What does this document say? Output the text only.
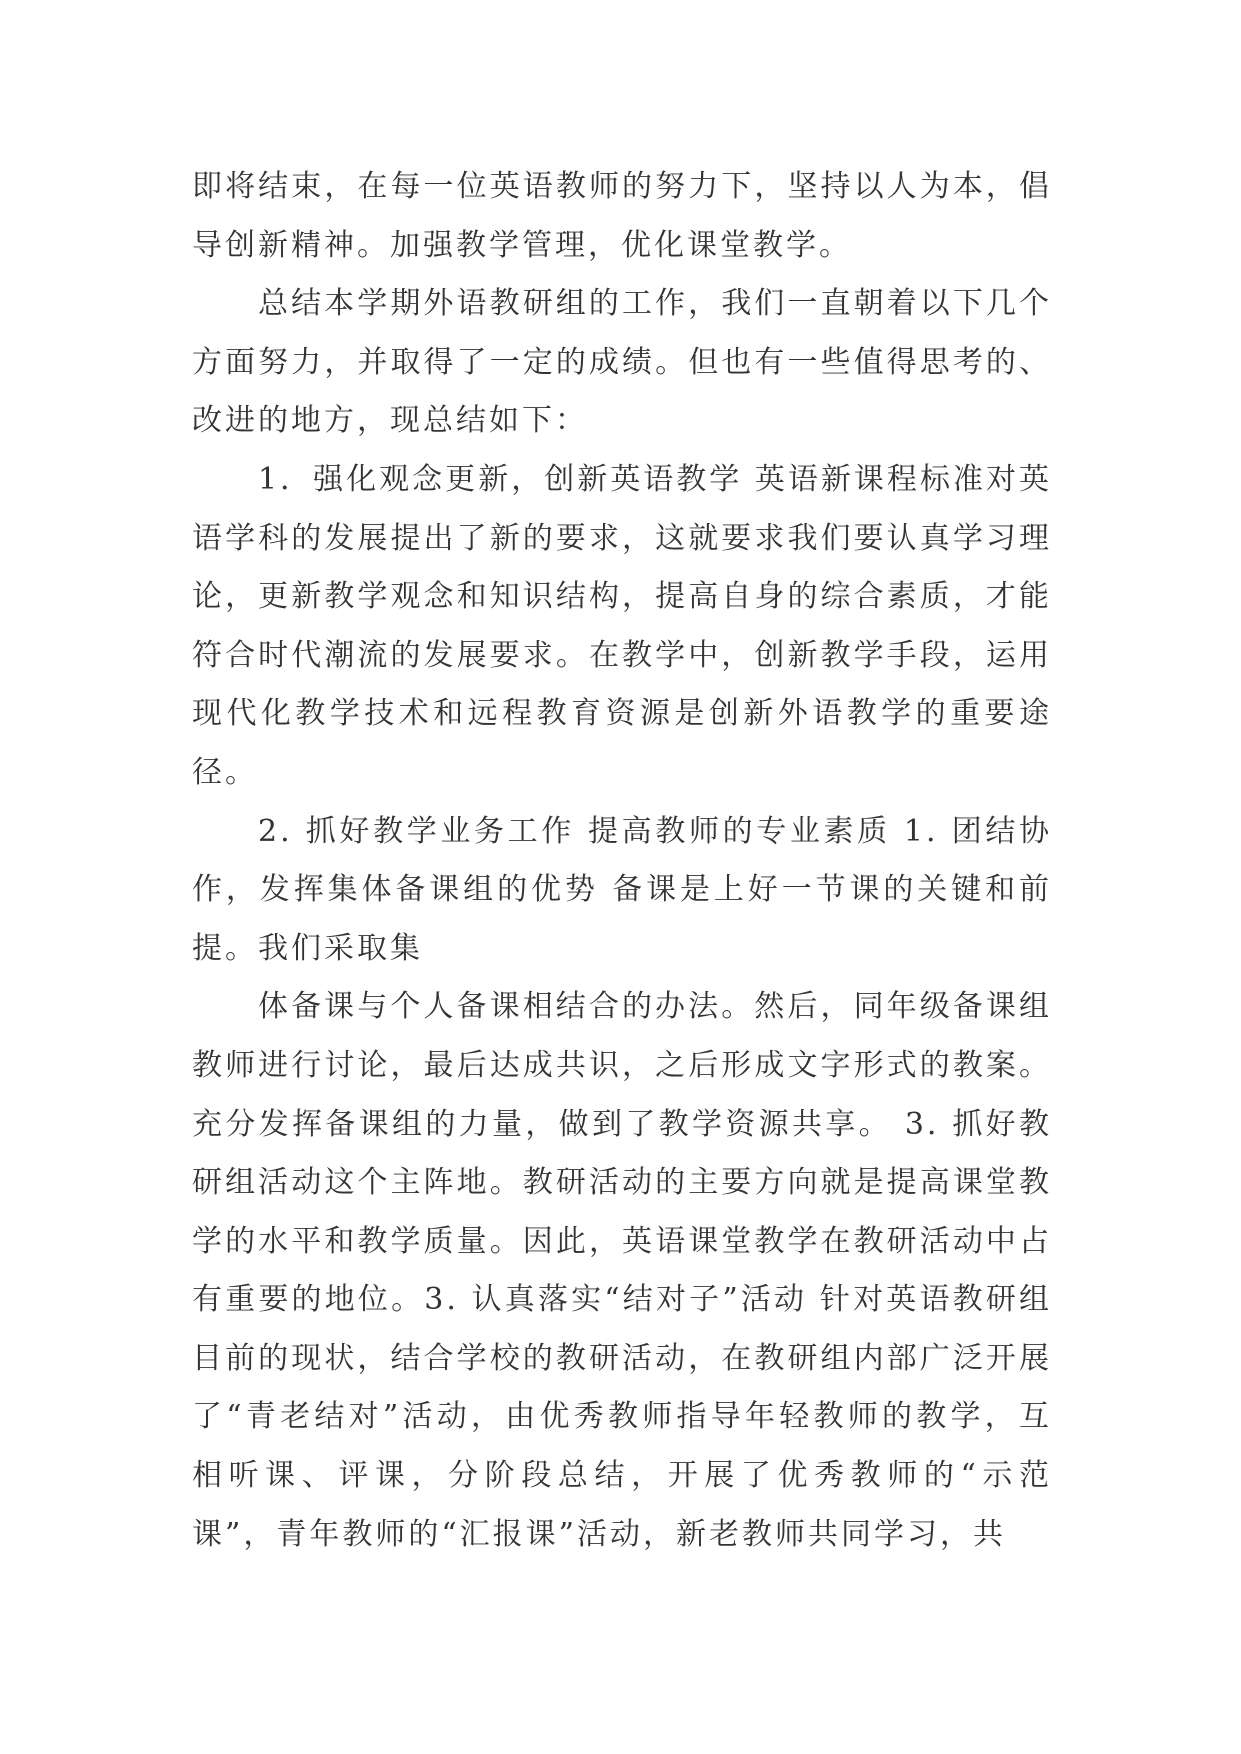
即将结束，在每一位英语教师的努力下，坚持以人为本，倡导创新精神。加强教学管理，优化课堂教学。

总结本学期外语教研组的工作，我们一直朝着以下几个方面努力，并取得了一定的成绩。但也有一些值得思考的、改进的地方，现总结如下：

1．强化观念更新，创新英语教学 英语新课程标准对英语学科的发展提出了新的要求，这就要求我们要认真学习理论，更新教学观念和知识结构，提高自身的综合素质，才能符合时代潮流的发展要求。在教学中，创新教学手段，运用现代化教学技术和远程教育资源是创新外语教学的重要途径。

2. 抓好教学业务工作 提高教师的专业素质 1. 团结协作，发挥集体备课组的优势 备课是上好一节课的关键和前提。我们采取集

体备课与个人备课相结合的办法。然后，同年级备课组教师进行讨论，最后达成共识，之后形成文字形式的教案。充分发挥备课组的力量，做到了教学资源共享。 3. 抓好教研组活动这个主阵地。教研活动的主要方向就是提高课堂教学的水平和教学质量。因此，英语课堂教学在教研活动中占有重要的地位。3. 认真落实“结对子”活动 针对英语教研组目前的现状，结合学校的教研活动，在教研组内部广泛开展了“青老结对”活动，由优秀教师指导年轻教师的教学，互相听课、评课，分阶段总结，开展了优秀教师的“示范课”，青年教师的“汇报课”活动，新老教师共同学习，共
